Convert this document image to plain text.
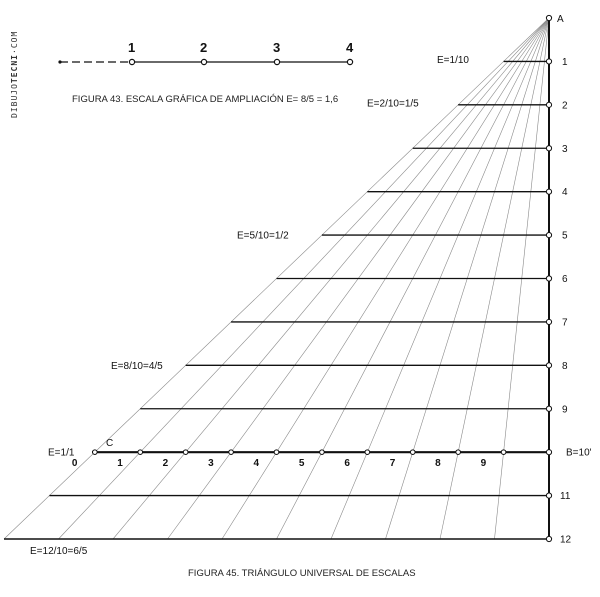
DIBUJOTECNI·COM	1	2	3	4
FIGURA 43. ESCALA GRÁFICA DE AMPLIACIÓN E= 8/5 = 1,6
1
2
3
4
5
6
7
8
9
B=10'
11
12
E=1/10
E=2/10=1/5
E=5/10=1/2
E=8/10=4/5
E=1/1
E=12/10=6/5
C
0	1	2	3	4	5	6	7	8	9
A
FIGURA 45. TRIÁNGULO UNIVERSAL DE ESCALAS
